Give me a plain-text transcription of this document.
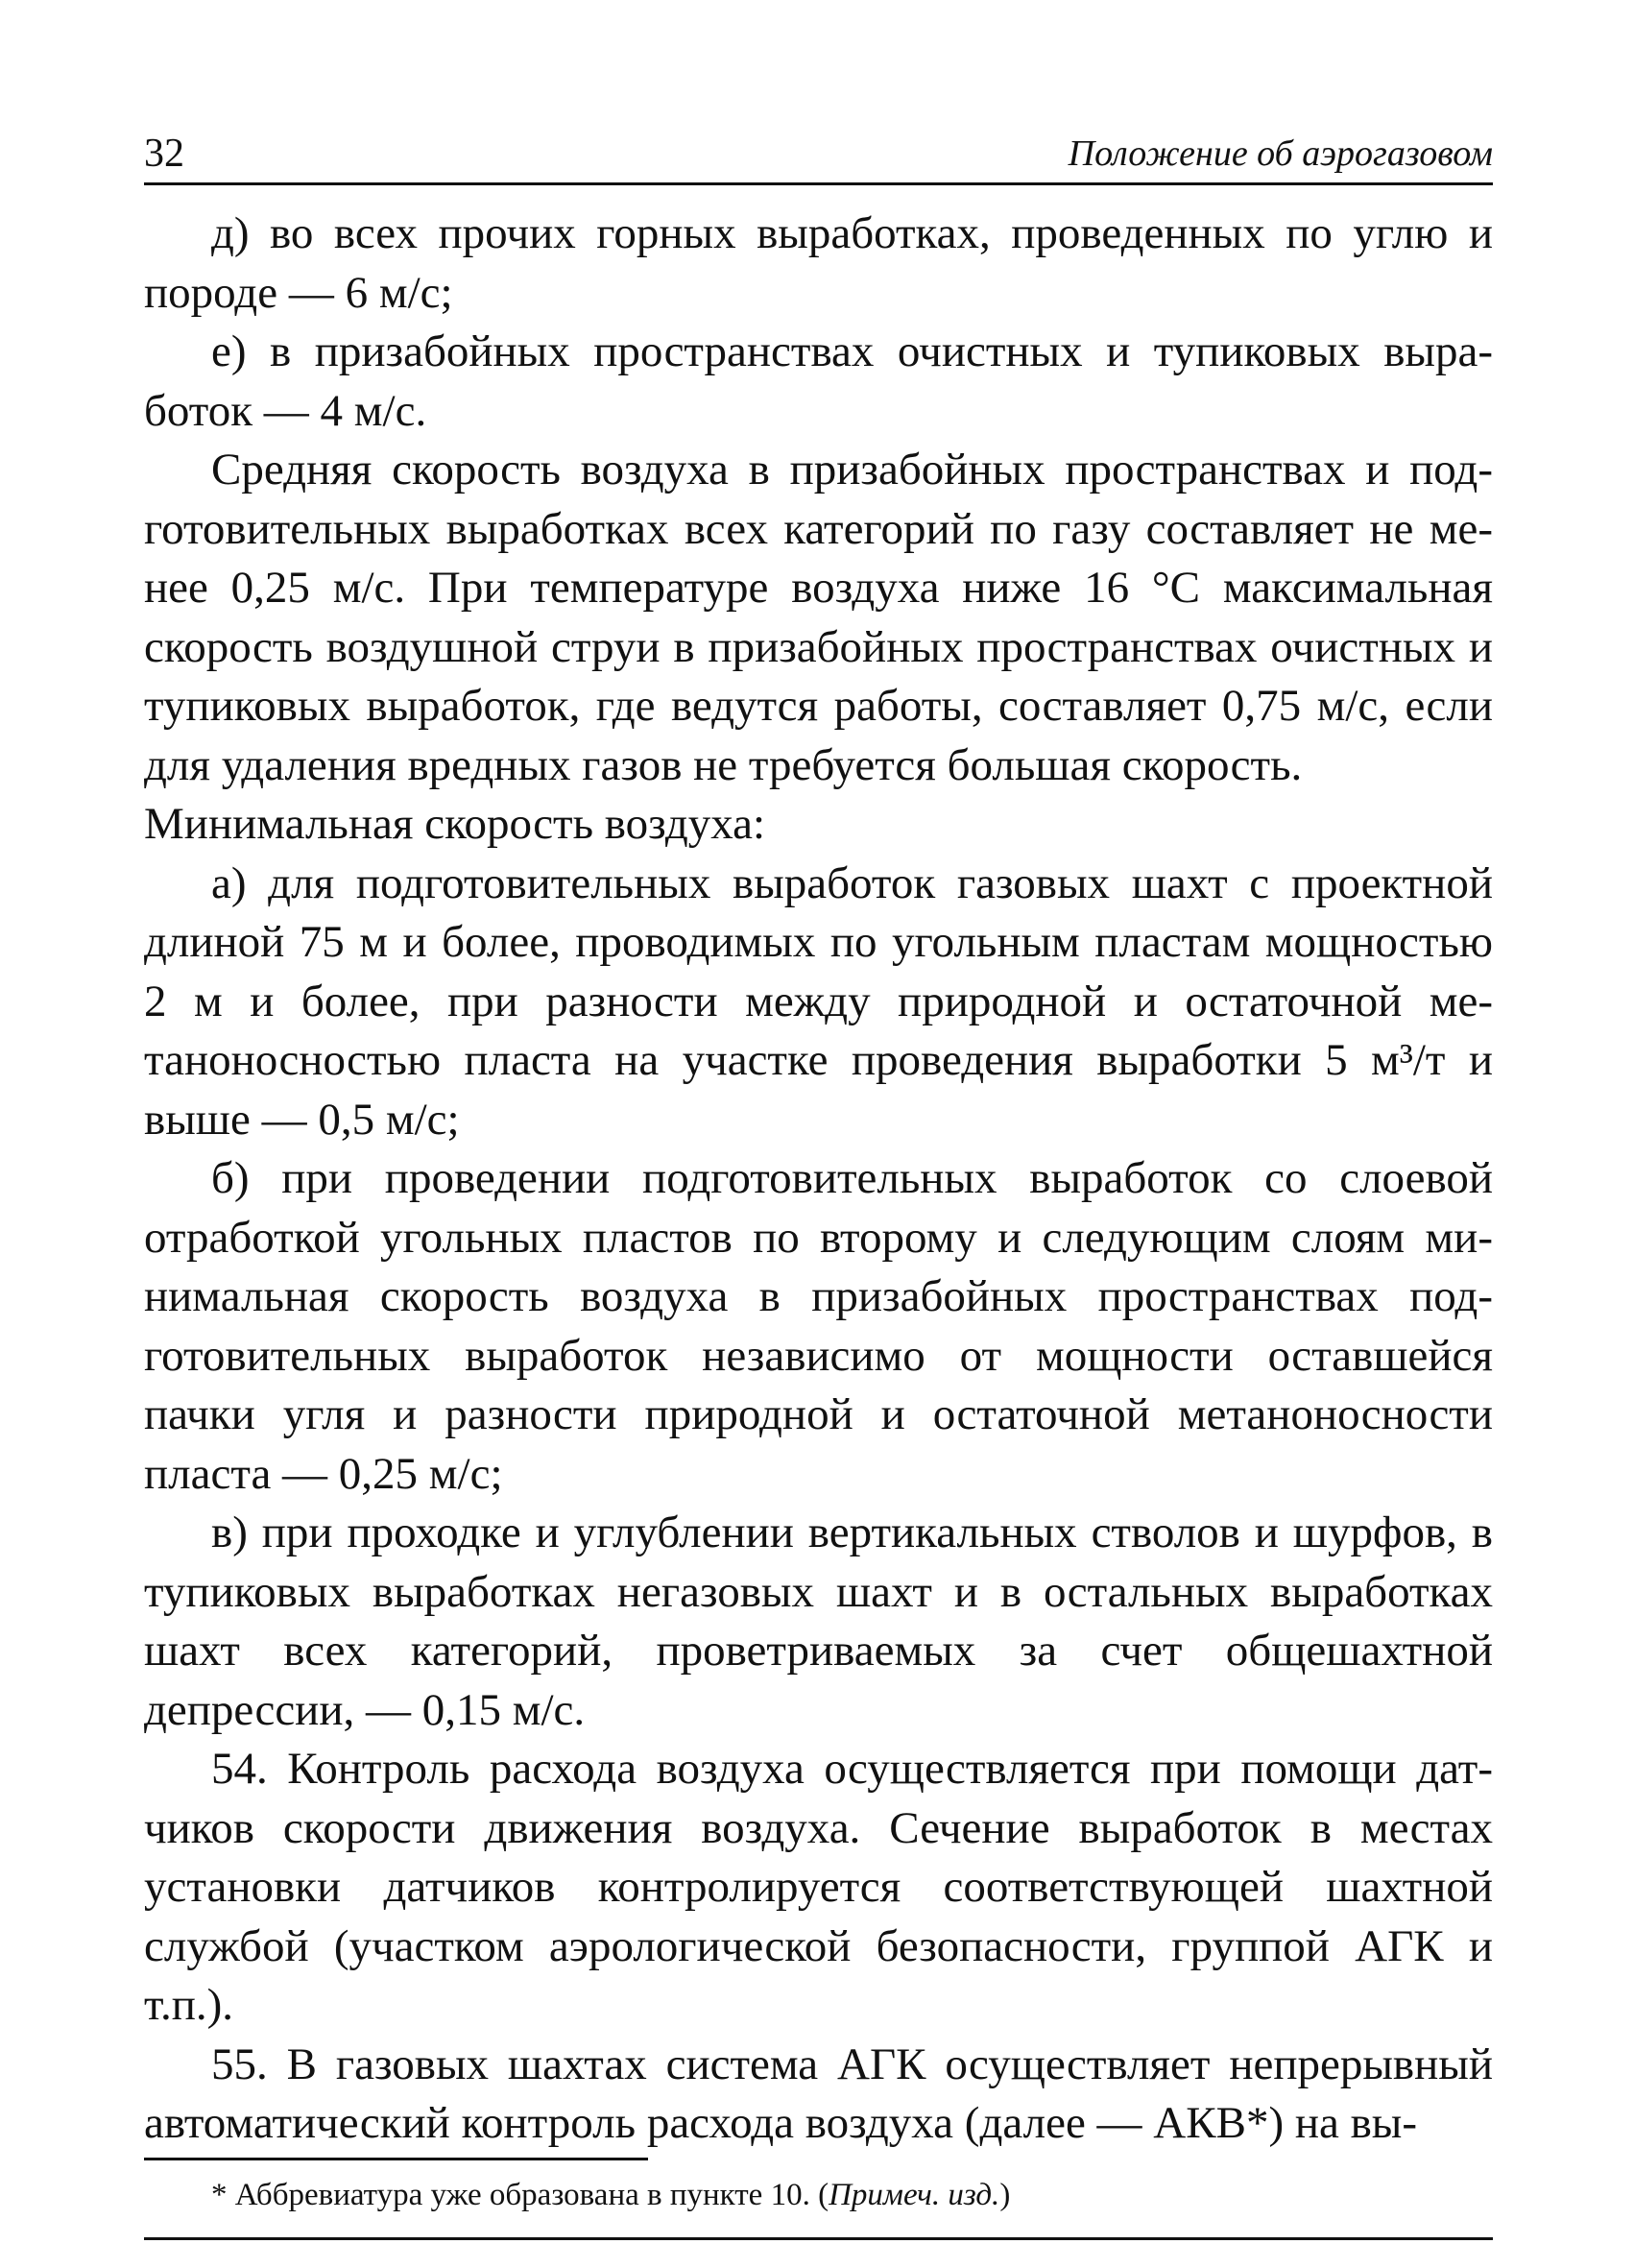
32	Положение об аэрогазовом

д) во всех прочих горных выработках, проведенных по углю и породе — 6 м/с;

е) в призабойных пространствах очистных и тупиковых выработок — 4 м/с.

Средняя скорость воздуха в призабойных пространствах и подготовительных выработках всех категорий по газу составляет не менее 0,25 м/с. При температуре воздуха ниже 16 °С максимальная скорость воздушной струи в призабойных пространствах очистных и тупиковых выработок, где ведутся работы, составляет 0,75 м/с, если для удаления вредных газов не требуется большая скорость.

Минимальная скорость воздуха:

а) для подготовительных выработок газовых шахт с проектной длиной 75 м и более, проводимых по угольным пластам мощностью 2 м и более, при разности между природной и остаточной метаноносностью пласта на участке проведения выработки 5 м³/т и выше — 0,5 м/с;

б) при проведении подготовительных выработок со слоевой отработкой угольных пластов по второму и следующим слоям минимальная скорость воздуха в призабойных пространствах подготовительных выработок независимо от мощности оставшейся пачки угля и разности природной и остаточной метаноносности пласта — 0,25 м/с;

в) при проходке и углублении вертикальных стволов и шурфов, в тупиковых выработках негазовых шахт и в остальных выработках шахт всех категорий, проветриваемых за счет общешахтной депрессии, — 0,15 м/с.

54. Контроль расхода воздуха осуществляется при помощи датчиков скорости движения воздуха. Сечение выработок в местах установки датчиков контролируется соответствующей шахтной службой (участком аэрологической безопасности, группой АГК и т.п.).

55. В газовых шахтах система АГК осуществляет непрерывный автоматический контроль расхода воздуха (далее — АКВ*) на вы-

* Аббревиатура уже образована в пункте 10. (Примеч. изд.)
